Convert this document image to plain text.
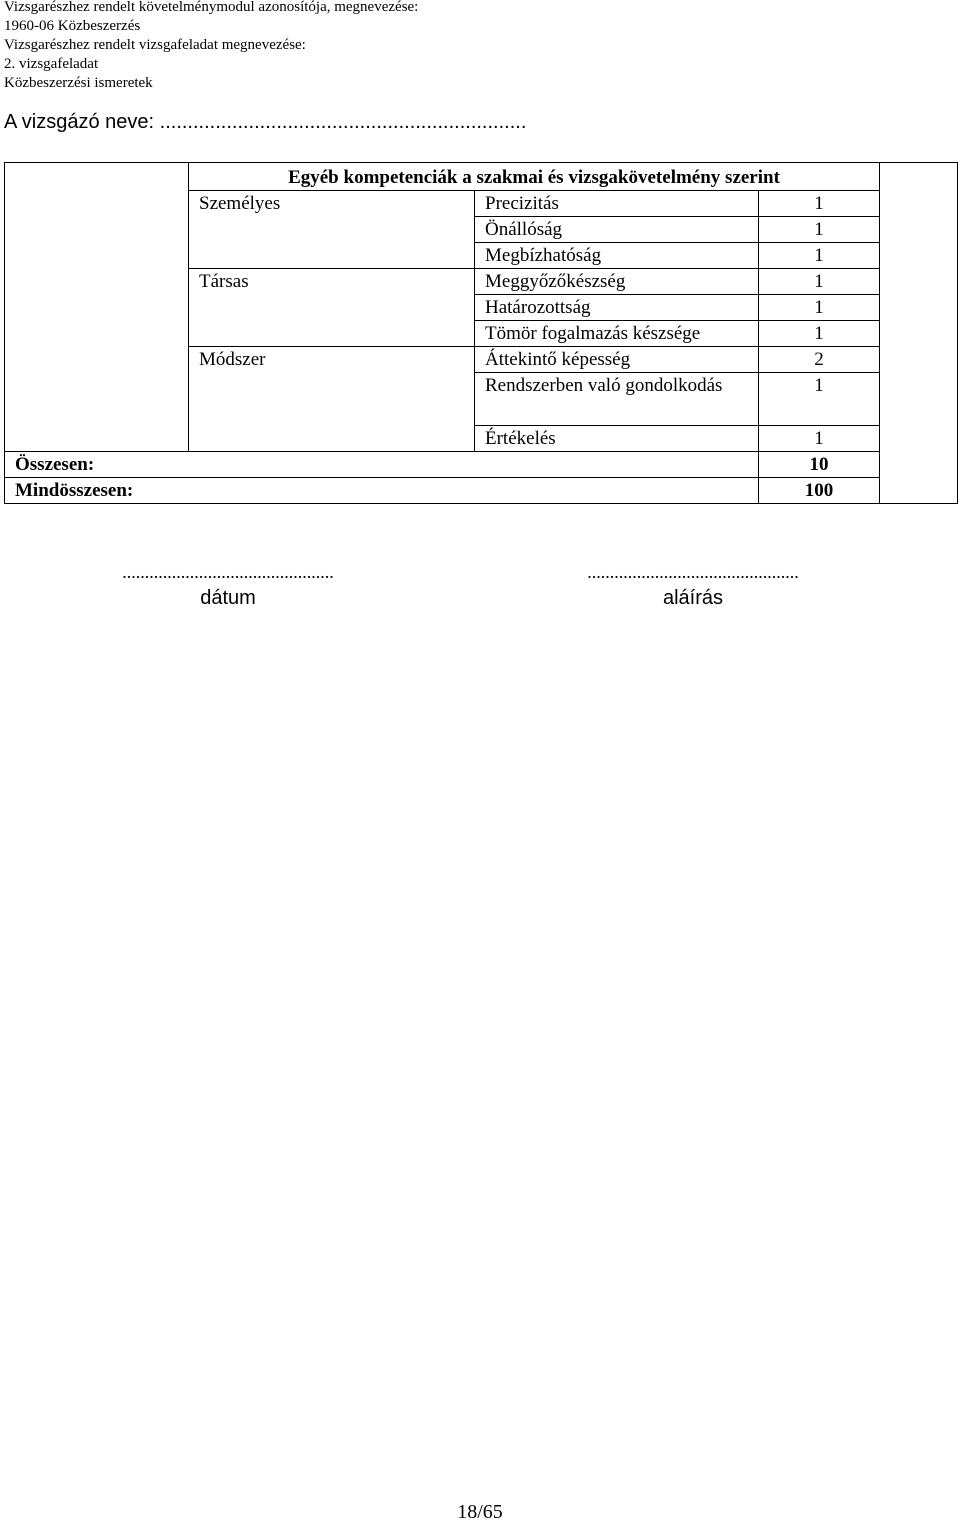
Vizsgarészhez rendelt követelménymodul azonosítója, megnevezése:
1960-06 Közbeszerzés
Vizsgarészhez rendelt vizsgafeladat megnevezése:
2. vizsgafeladat
Közbeszerzési ismeretek
A vizsgázó neve: ..................................................................
	Egyéb kompetenciák a szakmai és vizsgakövetelmény szerint			
	Személyes	Precizitás	1	
		Önállóság	1	
		Megbízhatóság	1	
	Társas	Meggyőzőkészség	1	
		Határozottság	1	
		Tömör fogalmazás készsége	1	
	Módszer	Áttekintő képesség	2	
		Rendszerben való gondolkodás	1	
		Értékelés	1	
Összesen:			10	
Mindösszesen:			100	
...............................................
dátum
...............................................
aláírás
18/65
